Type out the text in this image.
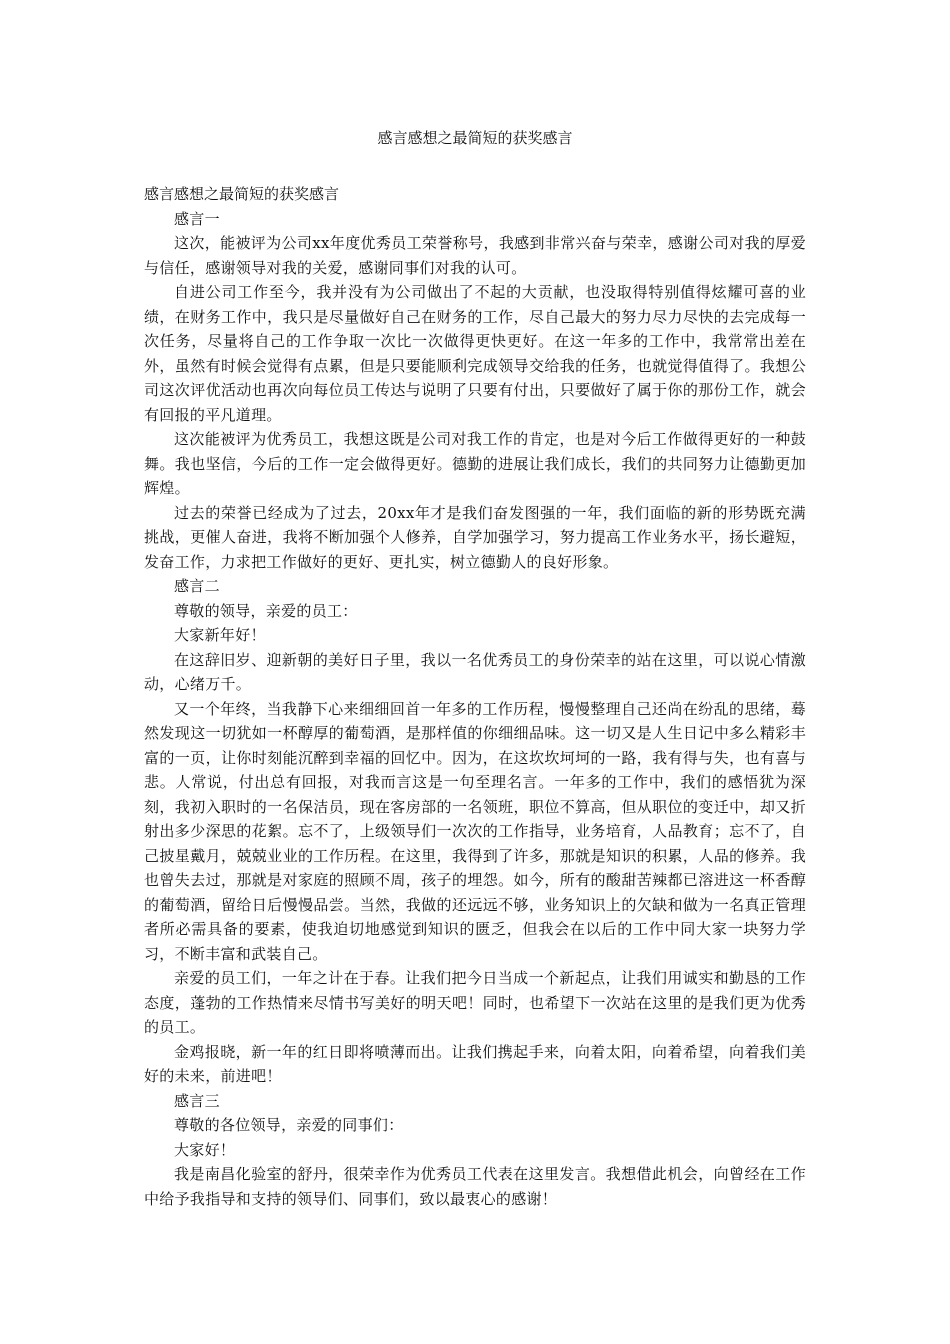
感言感想之最简短的获奖感言
感言感想之最简短的获奖感言

感言一

这次，能被评为公司xx年度优秀员工荣誉称号，我感到非常兴奋与荣幸，感谢公司对我的厚爱与信任，感谢领导对我的关爱，感谢同事们对我的认可。

自进公司工作至今，我并没有为公司做出了不起的大贡献，也没取得特别值得炫耀可喜的业绩，在财务工作中，我只是尽量做好自己在财务的工作，尽自己最大的努力尽力尽快的去完成每一次任务，尽量将自己的工作争取一次比一次做得更快更好。在这一年多的工作中，我常常出差在外，虽然有时候会觉得有点累，但是只要能顺利完成领导交给我的任务，也就觉得值得了。我想公司这次评优活动也再次向每位员工传达与说明了只要有付出，只要做好了属于你的那份工作，就会有回报的平凡道理。

这次能被评为优秀员工，我想这既是公司对我工作的肯定，也是对今后工作做得更好的一种鼓舞。我也坚信，今后的工作一定会做得更好。德勤的进展让我们成长，我们的共同努力让德勤更加辉煌。

过去的荣誉已经成为了过去，20xx年才是我们奋发图强的一年，我们面临的新的形势既充满挑战，更催人奋进，我将不断加强个人修养，自学加强学习，努力提高工作业务水平，扬长避短，发奋工作，力求把工作做好的更好、更扎实，树立德勤人的良好形象。

感言二

尊敬的领导，亲爱的员工：

大家新年好！

在这辞旧岁、迎新朝的美好日子里，我以一名优秀员工的身份荣幸的站在这里，可以说心情激动，心绪万千。

又一个年终，当我静下心来细细回首一年多的工作历程，慢慢整理自己还尚在纷乱的思绪，蓦然发现这一切犹如一杯醇厚的葡萄酒，是那样值的你细细品味。这一切又是人生日记中多么精彩丰富的一页，让你时刻能沉醉到幸福的回忆中。因为，在这坎坎坷坷的一路，我有得与失，也有喜与悲。人常说，付出总有回报，对我而言这是一句至理名言。一年多的工作中，我们的感悟犹为深刻，我初入职时的一名保洁员，现在客房部的一名领班，职位不算高，但从职位的变迁中，却又折射出多少深思的花絮。忘不了，上级领导们一次次的工作指导，业务培育，人品教育；忘不了，自己披星戴月，兢兢业业的工作历程。在这里，我得到了许多，那就是知识的积累，人品的修养。我也曾失去过，那就是对家庭的照顾不周，孩子的埋怨。如今，所有的酸甜苦辣都已溶进这一杯香醇的葡萄酒，留给日后慢慢品尝。当然，我做的还远远不够，业务知识上的欠缺和做为一名真正管理者所必需具备的要素，使我迫切地感觉到知识的匮乏，但我会在以后的工作中同大家一块努力学习，不断丰富和武装自己。

亲爱的员工们，一年之计在于春。让我们把今日当成一个新起点，让我们用诚实和勤恳的工作态度，蓬勃的工作热情来尽情书写美好的明天吧！同时，也希望下一次站在这里的是我们更为优秀的员工。

金鸡报晓，新一年的红日即将喷薄而出。让我们携起手来，向着太阳，向着希望，向着我们美好的未来，前进吧！

感言三

尊敬的各位领导，亲爱的同事们：

大家好！

我是南昌化验室的舒丹，很荣幸作为优秀员工代表在这里发言。我想借此机会，向曾经在工作中给予我指导和支持的领导们、同事们，致以最衷心的感谢！
